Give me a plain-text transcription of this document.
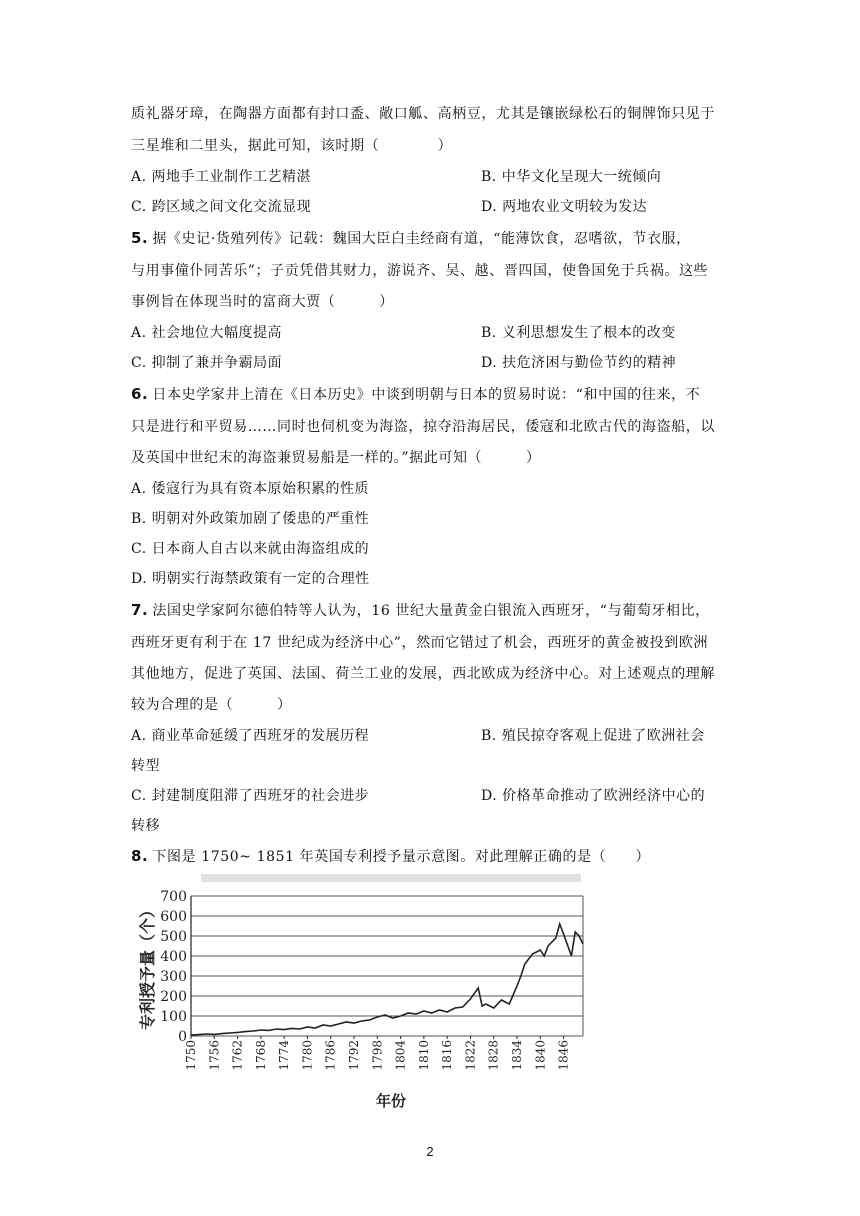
质礼器牙璋，在陶器方面都有封口盉、敞口觚、高柄豆，尤其是镶嵌绿松石的铜牌饰只见于
三星堆和二里头，据此可知，该时期（　　　　）
A. 两地手工业制作工艺精湛	B. 中华文化呈现大一统倾向
C. 跨区域之间文化交流显现	D. 两地农业文明较为发达
5. 据《史记·货殖列传》记载：魏国大臣白圭经商有道，“能薄饮食，忍嗜欲，节衣服，
与用事僮仆同苦乐”；子贡凭借其财力，游说齐、吴、越、晋四国，使鲁国免于兵祸。这些
事例旨在体现当时的富商大贾（　　　）
A. 社会地位大幅度提高	B. 义利思想发生了根本的改变
C. 抑制了兼并争霸局面	D. 扶危济困与勤俭节约的精神
6. 日本史学家井上清在《日本历史》中谈到明朝与日本的贸易时说：“和中国的往来，不
只是进行和平贸易……同时也伺机变为海盗，掠夺沿海居民，倭寇和北欧古代的海盗船，以
及英国中世纪末的海盗兼贸易船是一样的。”据此可知（　　　）
A. 倭寇行为具有资本原始积累的性质
B. 明朝对外政策加剧了倭患的严重性
C. 日本商人自古以来就由海盗组成的
D. 明朝实行海禁政策有一定的合理性
7. 法国史学家阿尔德伯特等人认为，16 世纪大量黄金白银流入西班牙，“与葡萄牙相比，
西班牙更有利于在 17 世纪成为经济中心”，然而它错过了机会，西班牙的黄金被投到欧洲
其他地方，促进了英国、法国、荷兰工业的发展，西北欧成为经济中心。对上述观点的理解
较为合理的是（　　　）
A. 商业革命延缓了西班牙的发展历程	B. 殖民掠夺客观上促进了欧洲社会
转型
C. 封建制度阻滞了西班牙的社会进步	D. 价格革命推动了欧洲经济中心的
转移
8. 下图是 1750~ 1851 年英国专利授予量示意图。对此理解正确的是（　　）
0
100
200
300
400
500
600
700
1750 1756 1762 1768 1774 1780 1786 1792 1798 1804 1810 1816 1822 1828 1834 1840 1846
专利授予量（个）
年份
2
